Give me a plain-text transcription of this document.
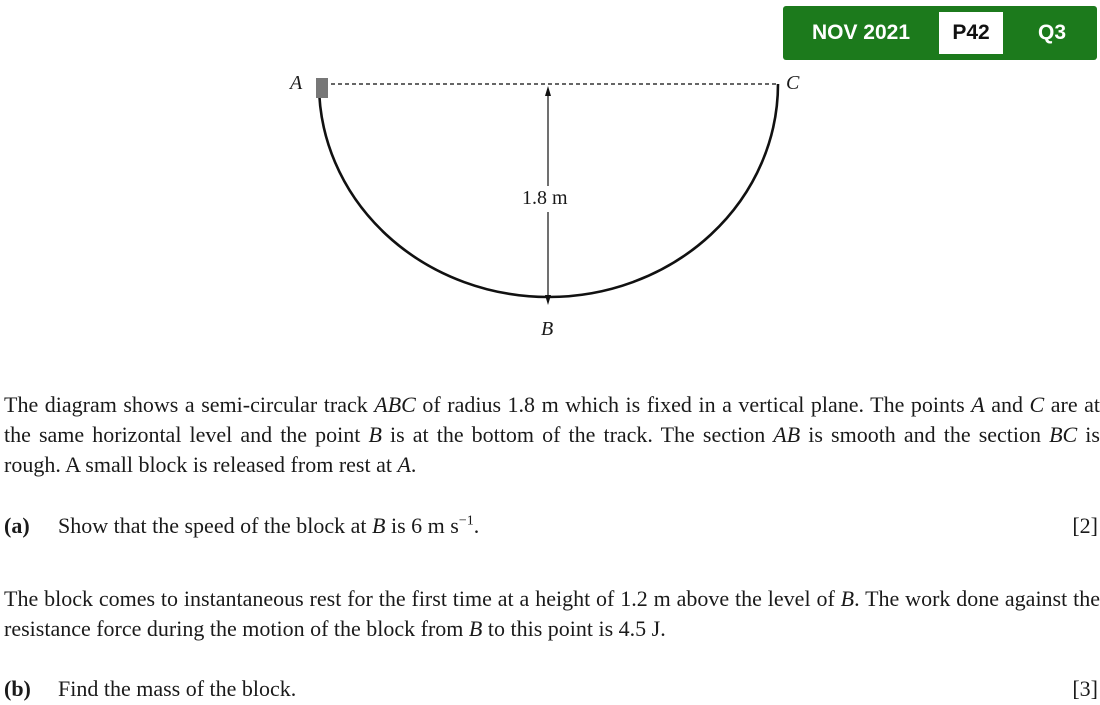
NOV 2021	P42	Q3
A	C
B
1.8 m
The diagram shows a semi-circular track ABC of radius 1.8 m which is fixed in a vertical plane. The points A and C are at the same horizontal level and the point B is at the bottom of the track. The section AB is smooth and the section BC is rough. A small block is released from rest at A.
(a) Show that the speed of the block at B is 6 m $s^{-1}$.	[2]
The block comes to instantaneous rest for the first time at a height of 1.2 m above the level of B. The work done against the resistance force during the motion of the block from B to this point is 4.5 J.
(b) Find the mass of the block.	[3]
